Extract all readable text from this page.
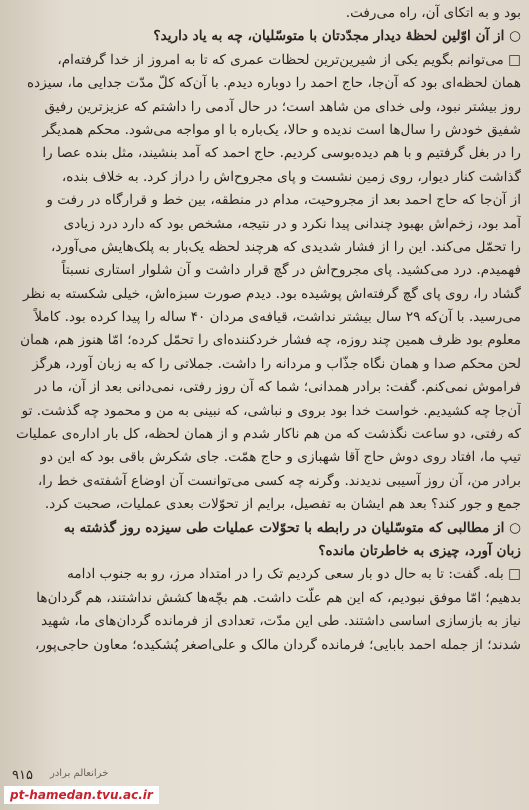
بود و به اتکای آن، راه می‌رفت.
○ از آن اوّلین لحظهٔ دیدار مجدّدتان با متوسّلیان، چه به یاد دارید؟
□ می‌توانم بگویم یکی از شیرین‌ترین لحظات عمری که تا به امروز از خدا گرفته‌ام،
همان لحظه‌ای بود که آن‌جا، حاج احمد را دوباره دیدم. با آن‌که کلّ مدّت جدایی ما، سیزده
روز بیشتر نبود، ولی خدای من شاهد است؛ در حال آدمی را داشتم که عزیزترین رفیق
شفیق خودش را سال‌ها است ندیده و حالا، یک‌باره با او مواجه می‌شود. محکم همدیگر
را در بغل گرفتیم و با هم دیده‌بوسی کردیم. حاج احمد که آمد بنشیند، مثل بنده عصا را
گذاشت کنار دیوار، روی زمین نشست و پای مجروح‌اش را دراز کرد. به خلاف بنده،
از آن‌جا که حاج احمد بعد از مجروحیت، مدام در منطقه، بین خط و قرارگاه در رفت و
آمد بود، زخم‌اش بهبود چندانی پیدا نکرد و در نتیجه، مشخص بود که دارد درد زیادی
را تحمّل می‌کند. این را از فشار شدیدی که هرچند لحظه یک‌بار به پلک‌هایش می‌آورد،
فهمیدم. درد می‌کشید. پای مجروح‌اش در گچ قرار داشت و آن شلوار استاری نسبتاً
گشاد را، روی پای گچ گرفته‌اش پوشیده بود. دیدم صورت سبزه‌اش، خیلی شکسته به نظر
می‌رسید. با آن‌که ۲۹ سال بیشتر نداشت، قیافه‌ی مردان ۴۰ ساله را پیدا کرده بود. کاملاً
معلوم بود ظرف همین چند روزه، چه فشار خردکننده‌ای را تحمّل کرده؛ امّا هنوز هم، همان
لحن محکم صدا و همان نگاه جذّاب و مردانه را داشت. جملاتی را که به زبان آورد، هرگز
فراموش نمی‌کنم. گفت: برادر همدانی؛ شما که آن روز رفتی، نمی‌دانی بعد از آن، ما در
آن‌جا چه کشیدیم. خواست خدا بود بروی و نباشی، که نبینی به من و محمود چه گذشت. تو
که رفتی، دو ساعت نگذشت که من هم ناکار شدم و از همان لحظه، کل بار اداره‌ی عملیات
تیپ ما، افتاد روی دوش حاج آقا شهبازی و حاج همّت. جای شکرش باقی بود که این دو
برادر من، آن روز آسیبی ندیدند. وگرنه چه کسی می‌توانست آن اوضاع آشفته‌ی خط را،
جمع و جور کند؟ بعد هم ایشان به تفصیل، برایم از تحوّلات بعدی عملیات، صحبت کرد.
○ از مطالبی که متوسّلیان در رابطه با تحوّلات عملیات طی سیزده روز گذشته به
زبان آورد، چیزی به خاطرتان مانده؟
□ بله. گفت: تا به حال دو بار سعی کردیم تک را در امتداد مرز، رو به جنوب ادامه
بدهیم؛ امّا موفق نبودیم، که این هم علّت داشت. هم بچّه‌ها کشش نداشتند، هم گردان‌ها
نیاز به بازسازی اساسی داشتند. طی این مدّت، تعدادی از فرمانده گردان‌های ما، شهید
شدند؛ از جمله احمد بابایی؛ فرمانده گردان مالک و علی‌اصغر پُشکیده؛ معاون حاجی‌پور،
۹۱۵ خرانعالم برادر
pt-hamedan.tvu.ac.ir
